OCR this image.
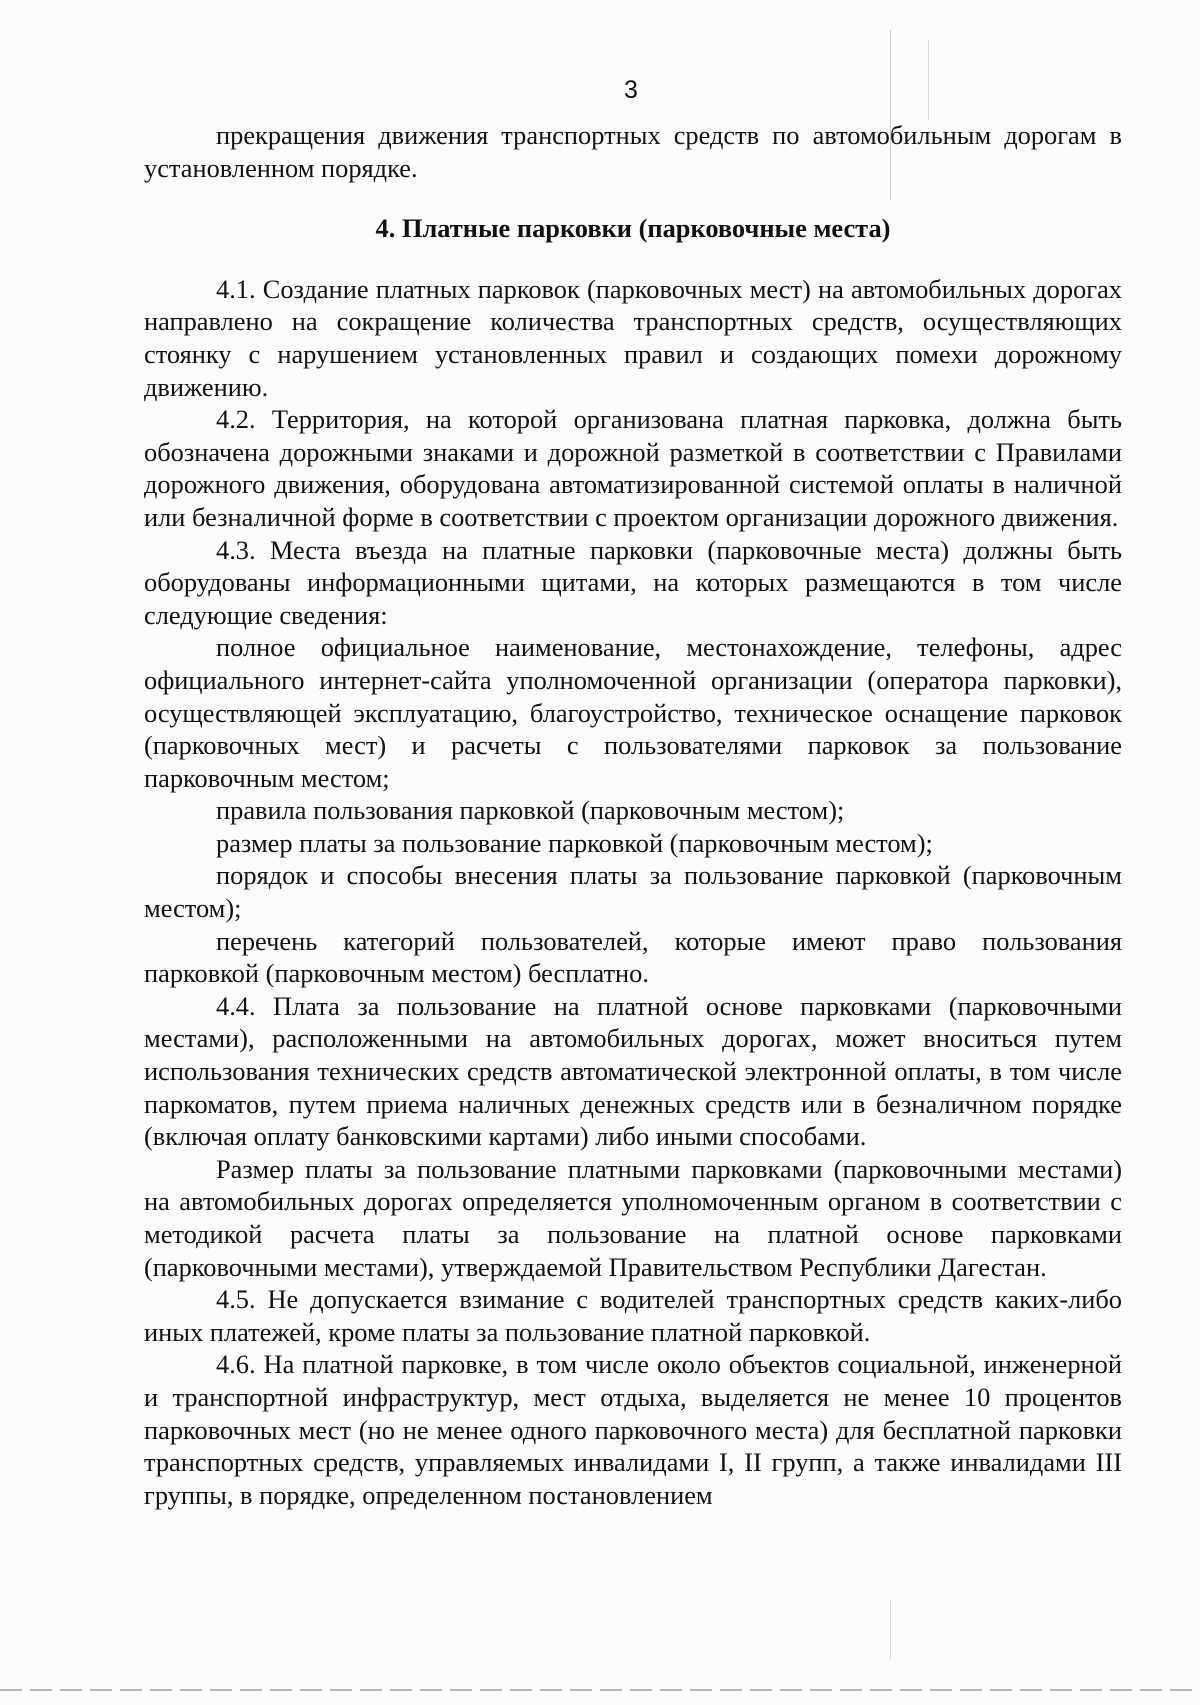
3

прекращения движения транспортных средств по автомобильным дорогам в установленном порядке.

4. Платные парковки (парковочные места)

4.1. Создание платных парковок (парковочных мест) на автомобильных дорогах направлено на сокращение количества транспортных средств, осуществляющих стоянку с нарушением установленных правил и создающих помехи дорожному движению.

4.2. Территория, на которой организована платная парковка, должна быть обозначена дорожными знаками и дорожной разметкой в соответствии с Правилами дорожного движения, оборудована автоматизированной системой оплаты в наличной или безналичной форме в соответствии с проектом организации дорожного движения.

4.3. Места въезда на платные парковки (парковочные места) должны быть оборудованы информационными щитами, на которых размещаются в том числе следующие сведения:

полное официальное наименование, местонахождение, телефоны, адрес официального интернет-сайта уполномоченной организации (оператора парковки), осуществляющей эксплуатацию, благоустройство, техническое оснащение парковок (парковочных мест) и расчеты с пользователями парковок за пользование парковочным местом;

правила пользования парковкой (парковочным местом);

размер платы за пользование парковкой (парковочным местом);

порядок и способы внесения платы за пользование парковкой (парковочным местом);

перечень категорий пользователей, которые имеют право пользования парковкой (парковочным местом) бесплатно.

4.4. Плата за пользование на платной основе парковками (парковочными местами), расположенными на автомобильных дорогах, может вноситься путем использования технических средств автоматической электронной оплаты, в том числе паркоматов, путем приема наличных денежных средств или в безналичном порядке (включая оплату банковскими картами) либо иными способами.

Размер платы за пользование платными парковками (парковочными местами) на автомобильных дорогах определяется уполномоченным органом в соответствии с методикой расчета платы за пользование на платной основе парковками (парковочными местами), утверждаемой Правительством Республики Дагестан.

4.5. Не допускается взимание с водителей транспортных средств каких-либо иных платежей, кроме платы за пользование платной парковкой.

4.6. На платной парковке, в том числе около объектов социальной, инженерной и транспортной инфраструктур, мест отдыха, выделяется не менее 10 процентов парковочных мест (но не менее одного парковочного места) для бесплатной парковки транспортных средств, управляемых инвалидами I, II групп, а также инвалидами III группы, в порядке, определенном постановлением
